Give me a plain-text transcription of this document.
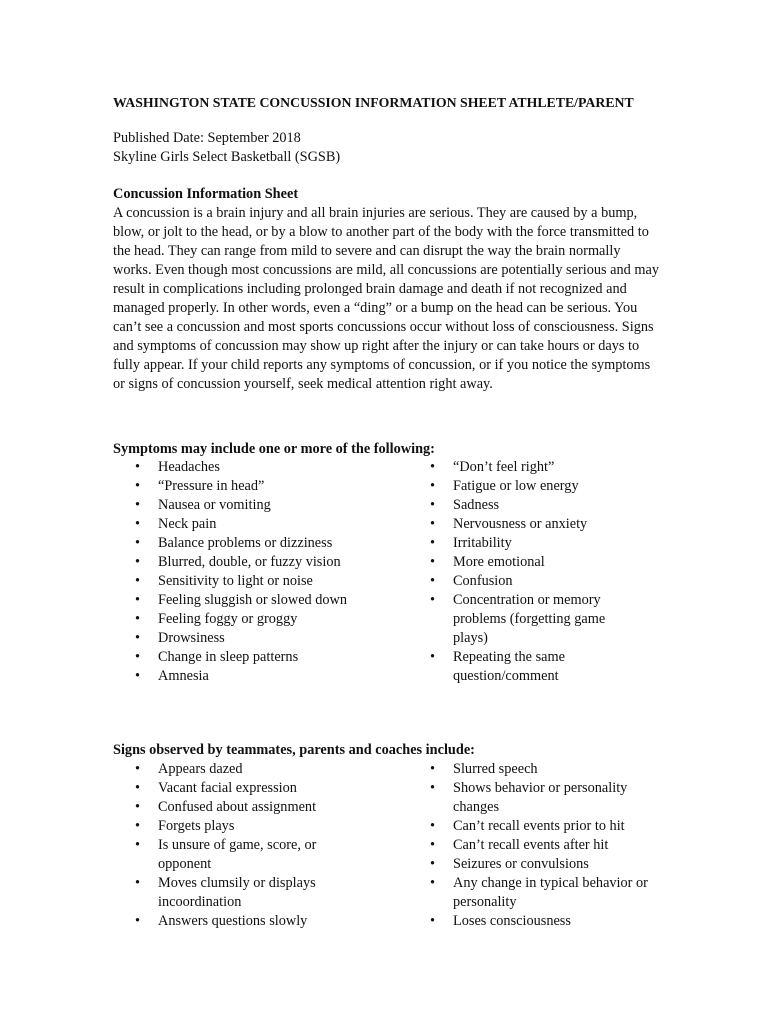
WASHINGTON STATE CONCUSSION INFORMATION SHEET ATHLETE/PARENT
Published Date: September 2018
Skyline Girls Select Basketball (SGSB)
Concussion Information Sheet

A concussion is a brain injury and all brain injuries are serious. They are caused by a bump, blow, or jolt to the head, or by a blow to another part of the body with the force transmitted to the head. They can range from mild to severe and can disrupt the way the brain normally works. Even though most concussions are mild, all concussions are potentially serious and may result in complications including prolonged brain damage and death if not recognized and managed properly. In other words, even a “ding” or a bump on the head can be serious. You can’t see a concussion and most sports concussions occur without loss of consciousness. Signs and symptoms of concussion may show up right after the injury or can take hours or days to fully appear. If your child reports any symptoms of concussion, or if you notice the symptoms or signs of concussion yourself, seek medical attention right away.

Symptoms may include one or more of the following:
• Headaches
• “Pressure in head”
• Nausea or vomiting
• Neck pain
• Balance problems or dizziness
• Blurred, double, or fuzzy vision
• Sensitivity to light or noise
• Feeling sluggish or slowed down
• Feeling foggy or groggy
• Drowsiness
• Change in sleep patterns
• Amnesia
• “Don’t feel right”
• Fatigue or low energy
• Sadness
• Nervousness or anxiety
• Irritability
• More emotional
• Confusion
• Concentration or memory problems (forgetting game plays)
• Repeating the same question/comment
Signs observed by teammates, parents and coaches include:
• Appears dazed
• Vacant facial expression
• Confused about assignment
• Forgets plays
• Is unsure of game, score, or opponent
• Moves clumsily or displays incoordination
• Answers questions slowly
• Slurred speech
• Shows behavior or personality changes
• Can’t recall events prior to hit
• Can’t recall events after hit
• Seizures or convulsions
• Any change in typical behavior or personality
• Loses consciousness
